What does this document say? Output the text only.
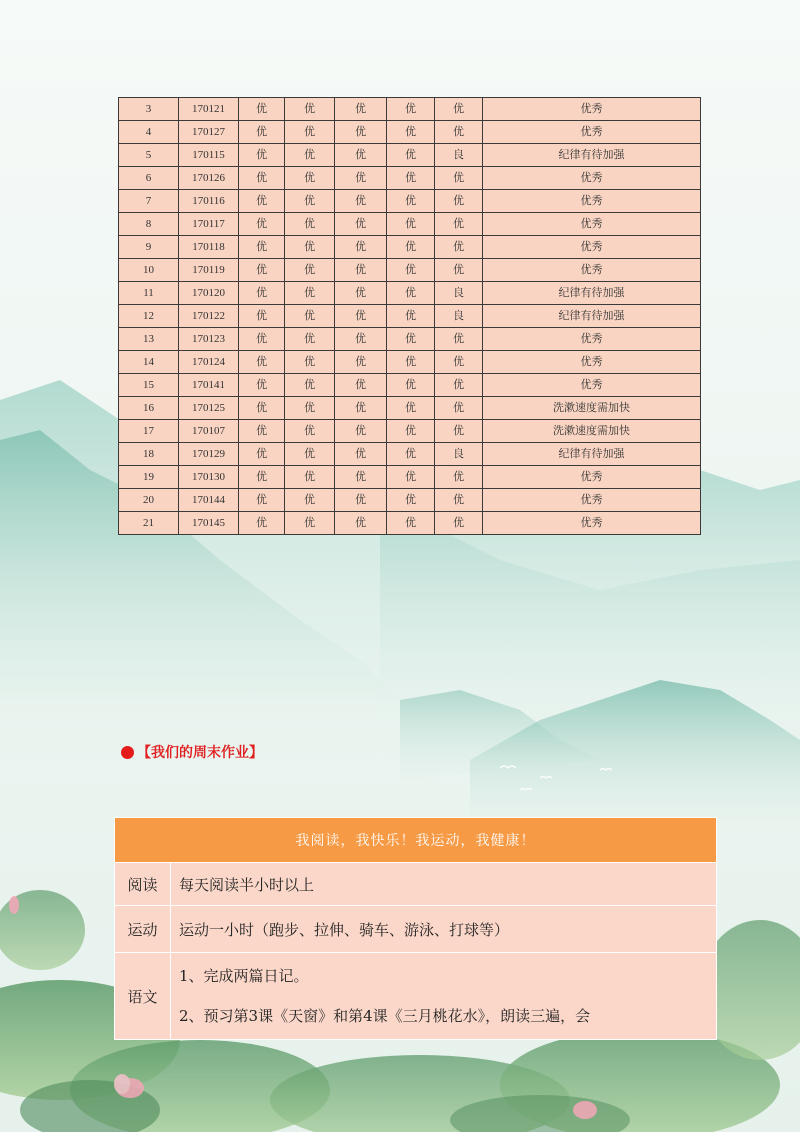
3	170121	优	优	优	优	优	优秀
4	170127	优	优	优	优	优	优秀
5	170115	优	优	优	优	良	纪律有待加强
6	170126	优	优	优	优	优	优秀
7	170116	优	优	优	优	优	优秀
8	170117	优	优	优	优	优	优秀
9	170118	优	优	优	优	优	优秀
10	170119	优	优	优	优	优	优秀
11	170120	优	优	优	优	良	纪律有待加强
12	170122	优	优	优	优	良	纪律有待加强
13	170123	优	优	优	优	优	优秀
14	170124	优	优	优	优	优	优秀
15	170141	优	优	优	优	优	优秀
16	170125	优	优	优	优	优	洗漱速度需加快
17	170107	优	优	优	优	优	洗漱速度需加快
18	170129	优	优	优	优	良	纪律有待加强
19	170130	优	优	优	优	优	优秀
20	170144	优	优	优	优	优	优秀
21	170145	优	优	优	优	优	优秀
【我们的周末作业】
我阅读，我快乐！我运动，我健康！	
阅读	每天阅读半小时以上
运动	运动一小时（跑步、拉伸、骑车、游泳、打球等）
语文	1、完成两篇日记。

2、预习第3课《天窗》和第4课《三月桃花水》，朗读三遍，会
